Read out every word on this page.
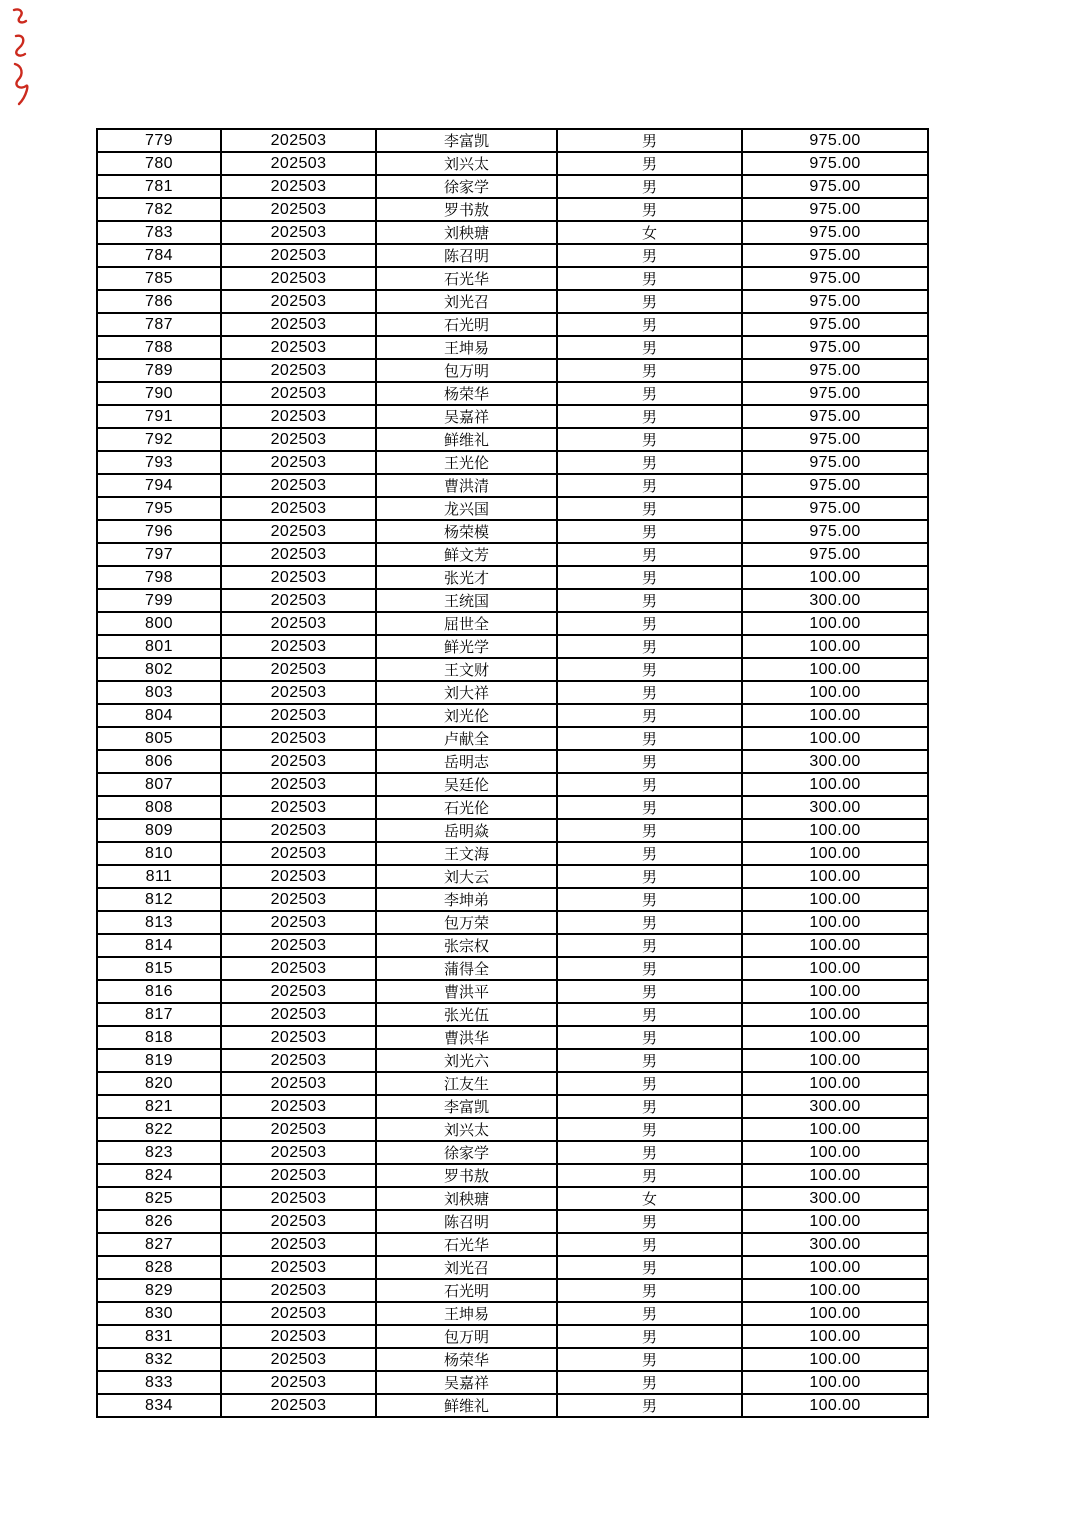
779	202503	李富凯	男	975.00
780	202503	刘兴太	男	975.00
781	202503	徐家学	男	975.00
782	202503	罗书敖	男	975.00
783	202503	刘秧瑭	女	975.00
784	202503	陈召明	男	975.00
785	202503	石光华	男	975.00
786	202503	刘光召	男	975.00
787	202503	石光明	男	975.00
788	202503	王坤易	男	975.00
789	202503	包万明	男	975.00
790	202503	杨荣华	男	975.00
791	202503	吴嘉祥	男	975.00
792	202503	鲜维礼	男	975.00
793	202503	王光伦	男	975.00
794	202503	曹洪清	男	975.00
795	202503	龙兴国	男	975.00
796	202503	杨荣模	男	975.00
797	202503	鲜文芳	男	975.00
798	202503	张光才	男	100.00
799	202503	王统国	男	300.00
800	202503	屈世全	男	100.00
801	202503	鲜光学	男	100.00
802	202503	王文财	男	100.00
803	202503	刘大祥	男	100.00
804	202503	刘光伦	男	100.00
805	202503	卢献全	男	100.00
806	202503	岳明志	男	300.00
807	202503	吴廷伦	男	100.00
808	202503	石光伦	男	300.00
809	202503	岳明焱	男	100.00
810	202503	王文海	男	100.00
811	202503	刘大云	男	100.00
812	202503	李坤弟	男	100.00
813	202503	包万荣	男	100.00
814	202503	张宗权	男	100.00
815	202503	蒲得全	男	100.00
816	202503	曹洪平	男	100.00
817	202503	张光伍	男	100.00
818	202503	曹洪华	男	100.00
819	202503	刘光六	男	100.00
820	202503	江友生	男	100.00
821	202503	李富凯	男	300.00
822	202503	刘兴太	男	100.00
823	202503	徐家学	男	100.00
824	202503	罗书敖	男	100.00
825	202503	刘秧瑭	女	300.00
826	202503	陈召明	男	100.00
827	202503	石光华	男	300.00
828	202503	刘光召	男	100.00
829	202503	石光明	男	100.00
830	202503	王坤易	男	100.00
831	202503	包万明	男	100.00
832	202503	杨荣华	男	100.00
833	202503	吴嘉祥	男	100.00
834	202503	鲜维礼	男	100.00
